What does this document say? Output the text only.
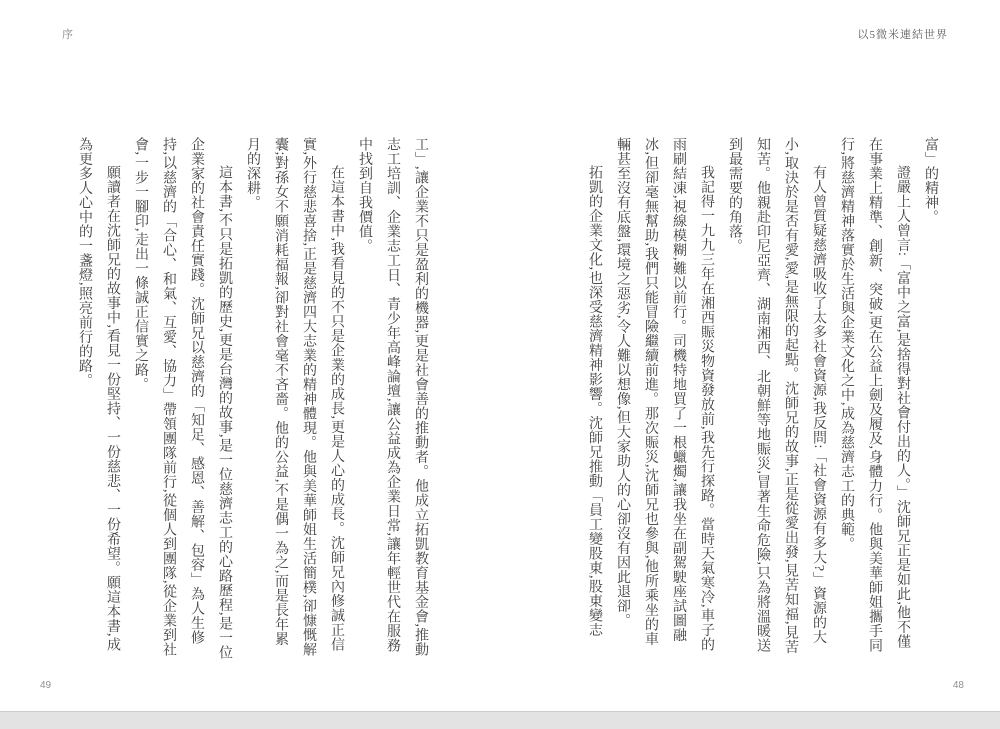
序

工」,讓企業不只是盈利的機器,更是社會善的推動者。他成立拓凱教育基金會,推動志工培訓、企業志工日、青少年高峰論壇,讓公益成為企業日常,讓年輕世代在服務中找到自我價值。

在這本書中,我看見的不只是企業的成長,更是人心的成長。沈師兄內修誠正信實,外行慈悲喜捨,正是慈濟四大志業的精神體現。他與美華師姐生活簡樸,卻慷慨解囊;對孫女不願消耗福報,卻對社會毫不吝嗇。他的公益,不是偶一為之,而是長年累月的深耕。

這本書,不只是拓凱的歷史,更是台灣的故事,是一位慈濟志工的心路歷程,是一位企業家的社會責任實踐。沈師兄以慈濟的「知足、感恩、善解、包容」為人生修持,以慈濟的「合心、和氣、互愛、協力」帶領團隊前行,從個人到團隊,從企業到社會,一步一腳印,走出一條誠正信實之路。

願讀者在沈師兄的故事中,看見一份堅持、一份慈悲、一份希望。願這本書,成為更多人心中的一盞燈,照亮前行的路。

49
以5微米連結世界

富」的精神。

證嚴上人曾言:「富中之富,是捨得對社會付出的人。」沈師兄正是如此,他不僅在事業上精準、創新、突破,更在公益上劍及履及,身體力行。他與美華師姐攜手同行,將慈濟精神落實於生活與企業文化之中,成為慈濟志工的典範。

有人曾質疑慈濟吸收了太多社會資源,我反問:「社會資源有多大?」資源的大小,取決於是否有愛,愛,是無限的起點。沈師兄的故事,正是從愛出發,見苦知福,見苦知苦。他親赴印尼亞齊、湖南湘西、北朝鮮等地賑災,冒著生命危險,只為將溫暖送到最需要的角落。

我記得一九九三年在湘西賑災物資發放前,我先行探路。當時天氣寒冷,車子的雨刷結凍,視線模糊,難以前行。司機特地買了一根蠟燭,讓我坐在副駕駛座試圖融冰,但卻毫無幫助,我們只能冒險繼續前進。那次賑災,沈師兄也參與,他所乘坐的車輛甚至沒有底盤,環境之惡劣,令人難以想像,但大家助人的心卻沒有因此退卻。

拓凱的企業文化,也深受慈濟精神影響。沈師兄推動「員工變股東,股東變志

48
